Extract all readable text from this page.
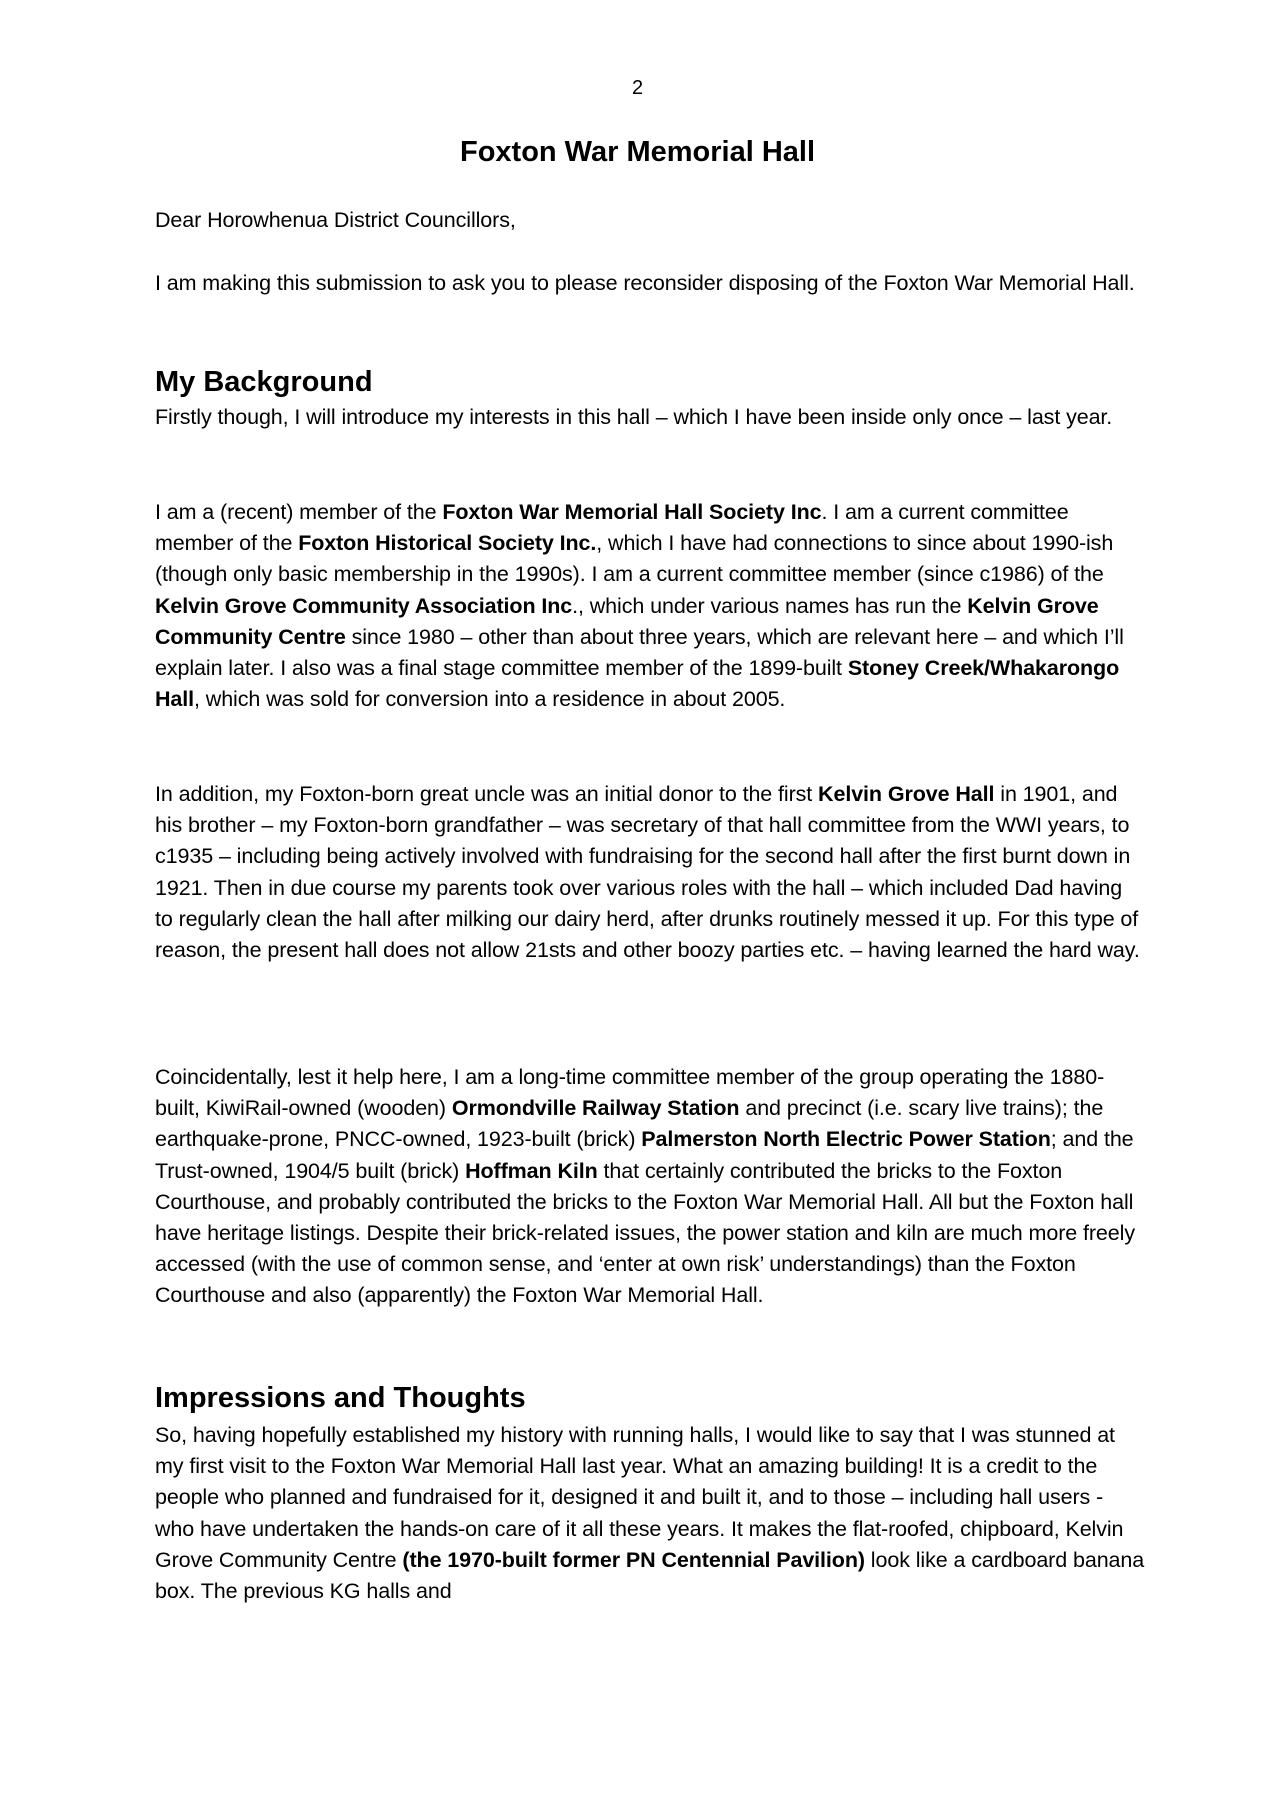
2
Foxton War Memorial Hall

Dear Horowhenua District Councillors,

I am making this submission to ask you to please reconsider disposing of the Foxton War Memorial Hall.

My Background

Firstly though, I will introduce my interests in this hall – which I have been inside only once – last year.

I am a (recent) member of the Foxton War Memorial Hall Society Inc. I am a current committee member of the Foxton Historical Society Inc., which I have had connections to since about 1990-ish (though only basic membership in the 1990s). I am a current committee member (since c1986) of the Kelvin Grove Community Association Inc., which under various names has run the Kelvin Grove Community Centre since 1980 – other than about three years, which are relevant here – and which I’ll explain later. I also was a final stage committee member of the 1899-built Stoney Creek/Whakarongo Hall, which was sold for conversion into a residence in about 2005.

In addition, my Foxton-born great uncle was an initial donor to the first Kelvin Grove Hall in 1901, and his brother – my Foxton-born grandfather – was secretary of that hall committee from the WWI years, to c1935 – including being actively involved with fundraising for the second hall after the first burnt down in 1921. Then in due course my parents took over various roles with the hall – which included Dad having to regularly clean the hall after milking our dairy herd, after drunks routinely messed it up. For this type of reason, the present hall does not allow 21sts and other boozy parties etc. – having learned the hard way.

Coincidentally, lest it help here, I am a long-time committee member of the group operating the 1880-built, KiwiRail-owned (wooden) Ormondville Railway Station and precinct (i.e. scary live trains); the earthquake-prone, PNCC-owned, 1923-built (brick) Palmerston North Electric Power Station; and the Trust-owned, 1904/5 built (brick) Hoffman Kiln that certainly contributed the bricks to the Foxton Courthouse, and probably contributed the bricks to the Foxton War Memorial Hall. All but the Foxton hall have heritage listings. Despite their brick-related issues, the power station and kiln are much more freely accessed (with the use of common sense, and ‘enter at own risk’ understandings) than the Foxton Courthouse and also (apparently) the Foxton War Memorial Hall.

Impressions and Thoughts

So, having hopefully established my history with running halls, I would like to say that I was stunned at my first visit to the Foxton War Memorial Hall last year. What an amazing building! It is a credit to the people who planned and fundraised for it, designed it and built it, and to those – including hall users - who have undertaken the hands-on care of it all these years. It makes the flat-roofed, chipboard, Kelvin Grove Community Centre (the 1970-built former PN Centennial Pavilion) look like a cardboard banana box. The previous KG halls and
